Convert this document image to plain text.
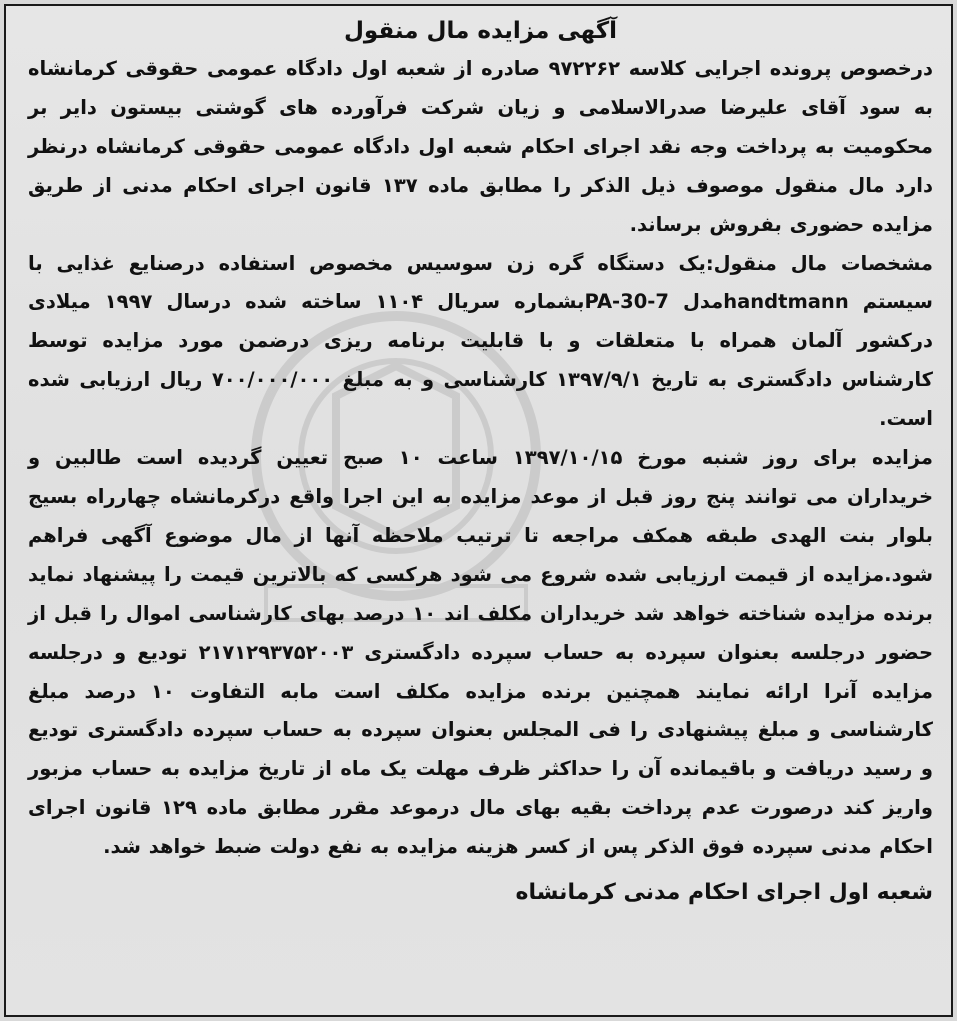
آگهی مزایده مال منقول

درخصوص پرونده اجرایی کلاسه ۹۷۲۲۶۲ صادره از شعبه اول دادگاه عمومی حقوقی کرمانشاه به سود آقای علیرضا صدرالاسلامی و زیان شرکت فرآورده های گوشتی بیستون دایر بر محکومیت به پرداخت وجه نقد اجرای احکام شعبه اول دادگاه عمومی حقوقی کرمانشاه درنظر دارد مال منقول موصوف ذیل الذکر را مطابق ماده ۱۳۷ قانون اجرای احکام مدنی از طریق مزایده حضوری بفروش برساند.

مشخصات مال منقول:یک دستگاه گره زن سوسیس مخصوص استفاده درصنایع غذایی با سیستم handtmannمدل PA-30-7بشماره سریال ۱۱۰۴ ساخته شده درسال ۱۹۹۷ میلادی درکشور آلمان همراه با متعلقات و با قابلیت برنامه ریزی درضمن مورد مزایده توسط کارشناس دادگستری به تاریخ ۱۳۹۷/۹/۱ کارشناسی و به مبلغ ۷۰۰/۰۰۰/۰۰۰ ریال ارزیابی شده است.

مزایده برای روز شنبه مورخ ۱۳۹۷/۱۰/۱۵ ساعت ۱۰ صبح تعیین گردیده است طالبین و خریداران می توانند پنج روز قبل از موعد مزایده به این اجرا واقع درکرمانشاه چهارراه بسیج بلوار بنت الهدی طبقه همکف مراجعه تا ترتیب ملاحظه آنها از مال موضوع آگهی فراهم شود.مزایده از قیمت ارزیابی شده شروع می شود هرکسی که بالاترین قیمت را پیشنهاد نماید برنده مزایده شناخته خواهد شد خریداران مکلف اند ۱۰ درصد بهای کارشناسی اموال را قبل از حضور درجلسه بعنوان سپرده به حساب سپرده دادگستری ۲۱۷۱۲۹۳۷۵۲۰۰۳ تودیع و درجلسه مزایده آنرا ارائه نمایند همچنین برنده مزایده مکلف است مابه التفاوت ۱۰ درصد مبلغ کارشناسی و مبلغ پیشنهادی را فی المجلس بعنوان سپرده به حساب سپرده دادگستری تودیع و رسید دریافت و باقیمانده آن را حداکثر ظرف مهلت یک ماه از تاریخ مزایده به حساب مزبور واریز کند درصورت عدم پرداخت بقیه بهای مال درموعد مقرر مطابق ماده ۱۲۹ قانون اجرای احکام مدنی سپرده فوق الذکر پس از کسر هزینه مزایده به نفع دولت ضبط خواهد شد.

شعبه اول اجرای احکام مدنی کرمانشاه
